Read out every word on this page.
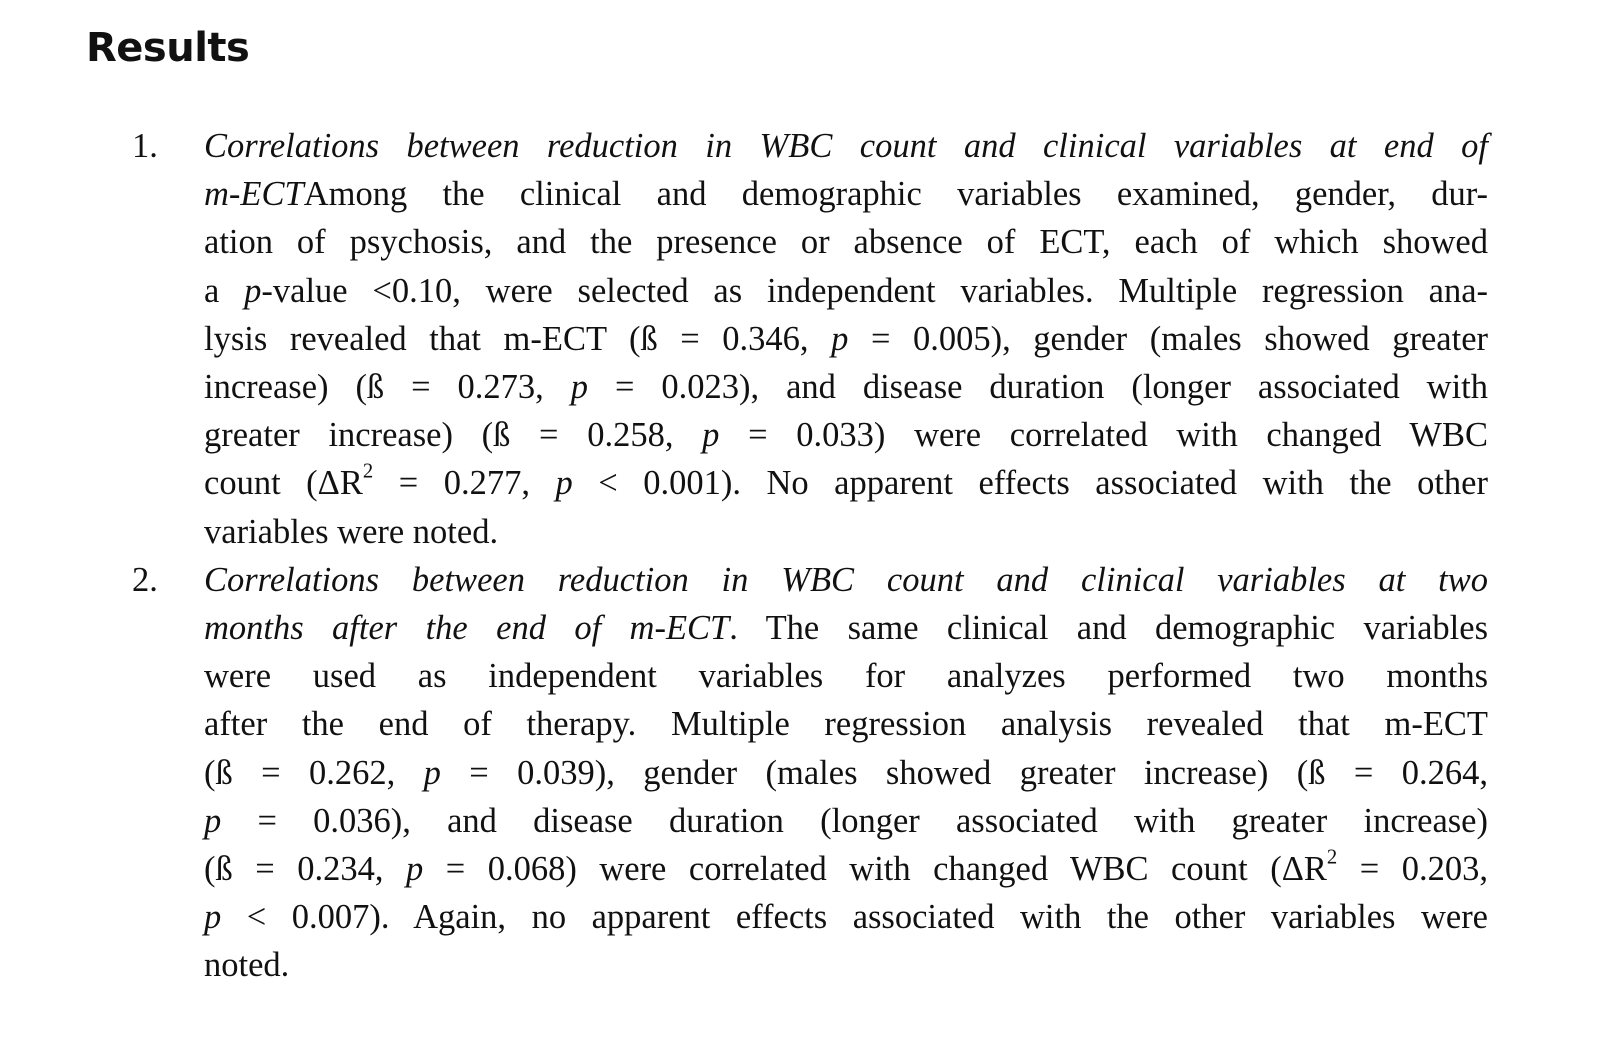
Results
1.	Correlations between reduction in WBC count and clinical variables at end of
m-ECTAmong the clinical and demographic variables examined, gender, dur-
ation of psychosis, and the presence or absence of ECT, each of which showed
a p-value <0.10, were selected as independent variables. Multiple regression ana-
lysis revealed that m-ECT (ß = 0.346, p = 0.005), gender (males showed greater
increase) (ß = 0.273, p = 0.023), and disease duration (longer associated with
greater increase) (ß = 0.258, p = 0.033) were correlated with changed WBC
count ($\Delta R^2 = 0.277$, p < 0.001). No apparent effects associated with the other
variables were noted.
2.	Correlations between reduction in WBC count and clinical variables at two
months after the end of m-ECT. The same clinical and demographic variables
were used as independent variables for analyzes performed two months
after the end of therapy. Multiple regression analysis revealed that m-ECT
(ß = 0.262, p = 0.039), gender (males showed greater increase) (ß = 0.264,
p = 0.036), and disease duration (longer associated with greater increase)
(ß = 0.234, p = 0.068) were correlated with changed WBC count ($\Delta R^2 = 0.203$,
p < 0.007). Again, no apparent effects associated with the other variables were
noted.
